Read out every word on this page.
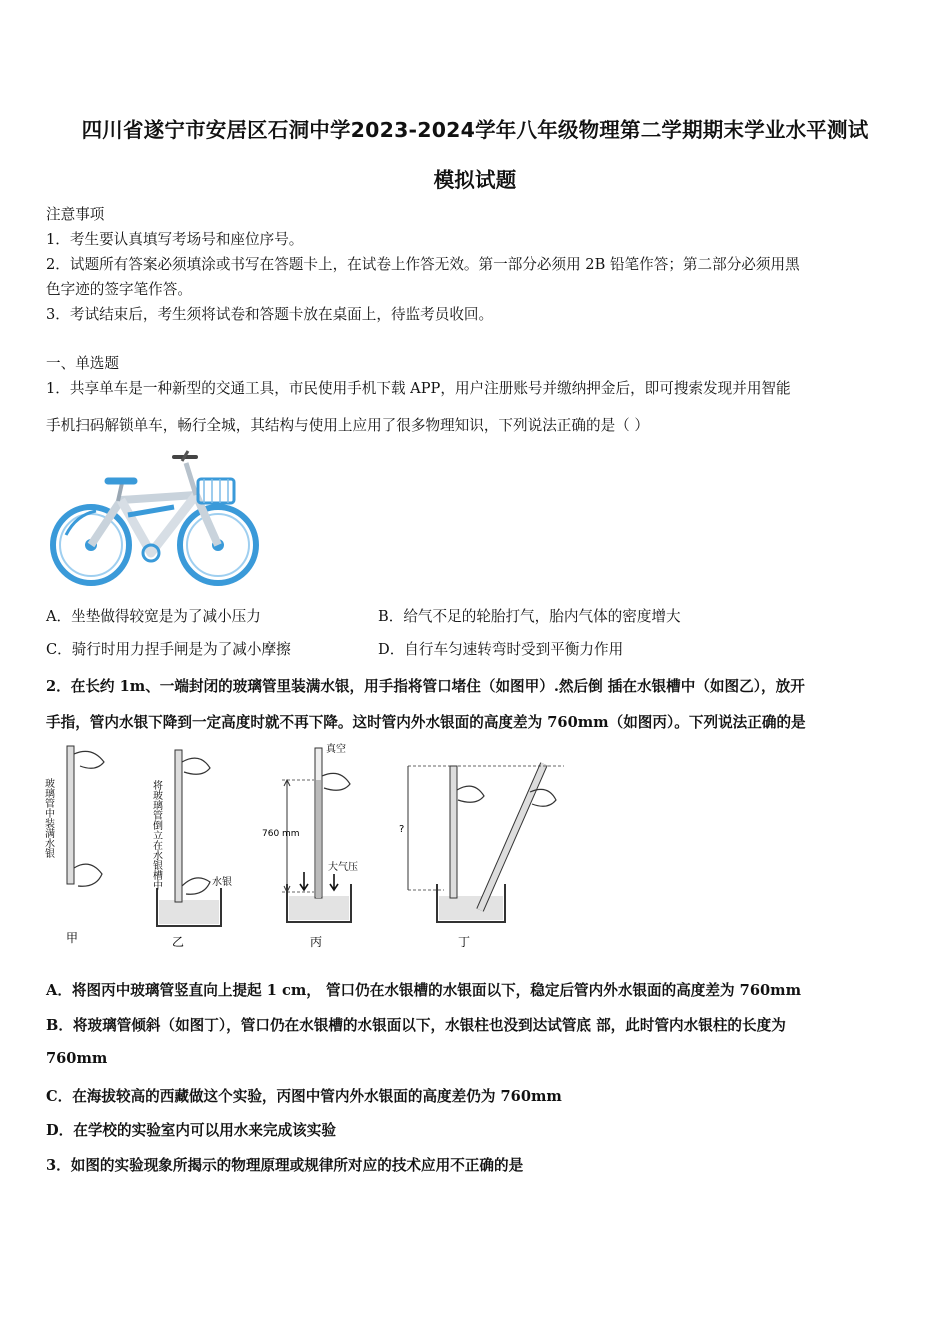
四川省遂宁市安居区石洞中学2023-2024学年八年级物理第二学期期末学业水平测试
模拟试题
注意事项
1．考生要认真填写考场号和座位序号。
2．试题所有答案必须填涂或书写在答题卡上，在试卷上作答无效。第一部分必须用 2B 铅笔作答；第二部分必须用黑
色字迹的签字笔作答。
3．考试结束后，考生须将试卷和答题卡放在桌面上，待监考员收回。
一、单选题
1．共享单车是一种新型的交通工具，市民使用手机下载 APP，用户注册账号并缴纳押金后，即可搜索发现并用智能
手机扫码解锁单车，畅行全城，其结构与使用上应用了很多物理知识，下列说法正确的是（ ）
A．坐垫做得较宽是为了减小压力	B．给气不足的轮胎打气，胎内气体的密度增大
C．骑行时用力捏手闸是为了减小摩擦	D．自行车匀速转弯时受到平衡力作用
2．在长约 1m、一端封闭的玻璃管里装满水银，用手指将管口堵住（如图甲）.然后倒 插在水银槽中（如图乙），放开
手指，管内水银下降到一定高度时就不再下降。这时管内外水银面的高度差为 760mm（如图丙）。下列说法正确的是
玻璃管中装满水银
甲
将玻璃管倒立在水银槽中	水银
乙
真空
760 mm
大气压
丙
?
丁
A．将图丙中玻璃管竖直向上提起 1 cm， 管口仍在水银槽的水银面以下，稳定后管内外水银面的高度差为 760mm
B．将玻璃管倾斜（如图丁），管口仍在水银槽的水银面以下，水银柱也没到达试管底 部，此时管内水银柱的长度为
760mm
C．在海拔较高的西藏做这个实验，丙图中管内外水银面的高度差仍为 760mm
D．在学校的实验室内可以用水来完成该实验
3．如图的实验现象所揭示的物理原理或规律所对应的技术应用不正确的是
